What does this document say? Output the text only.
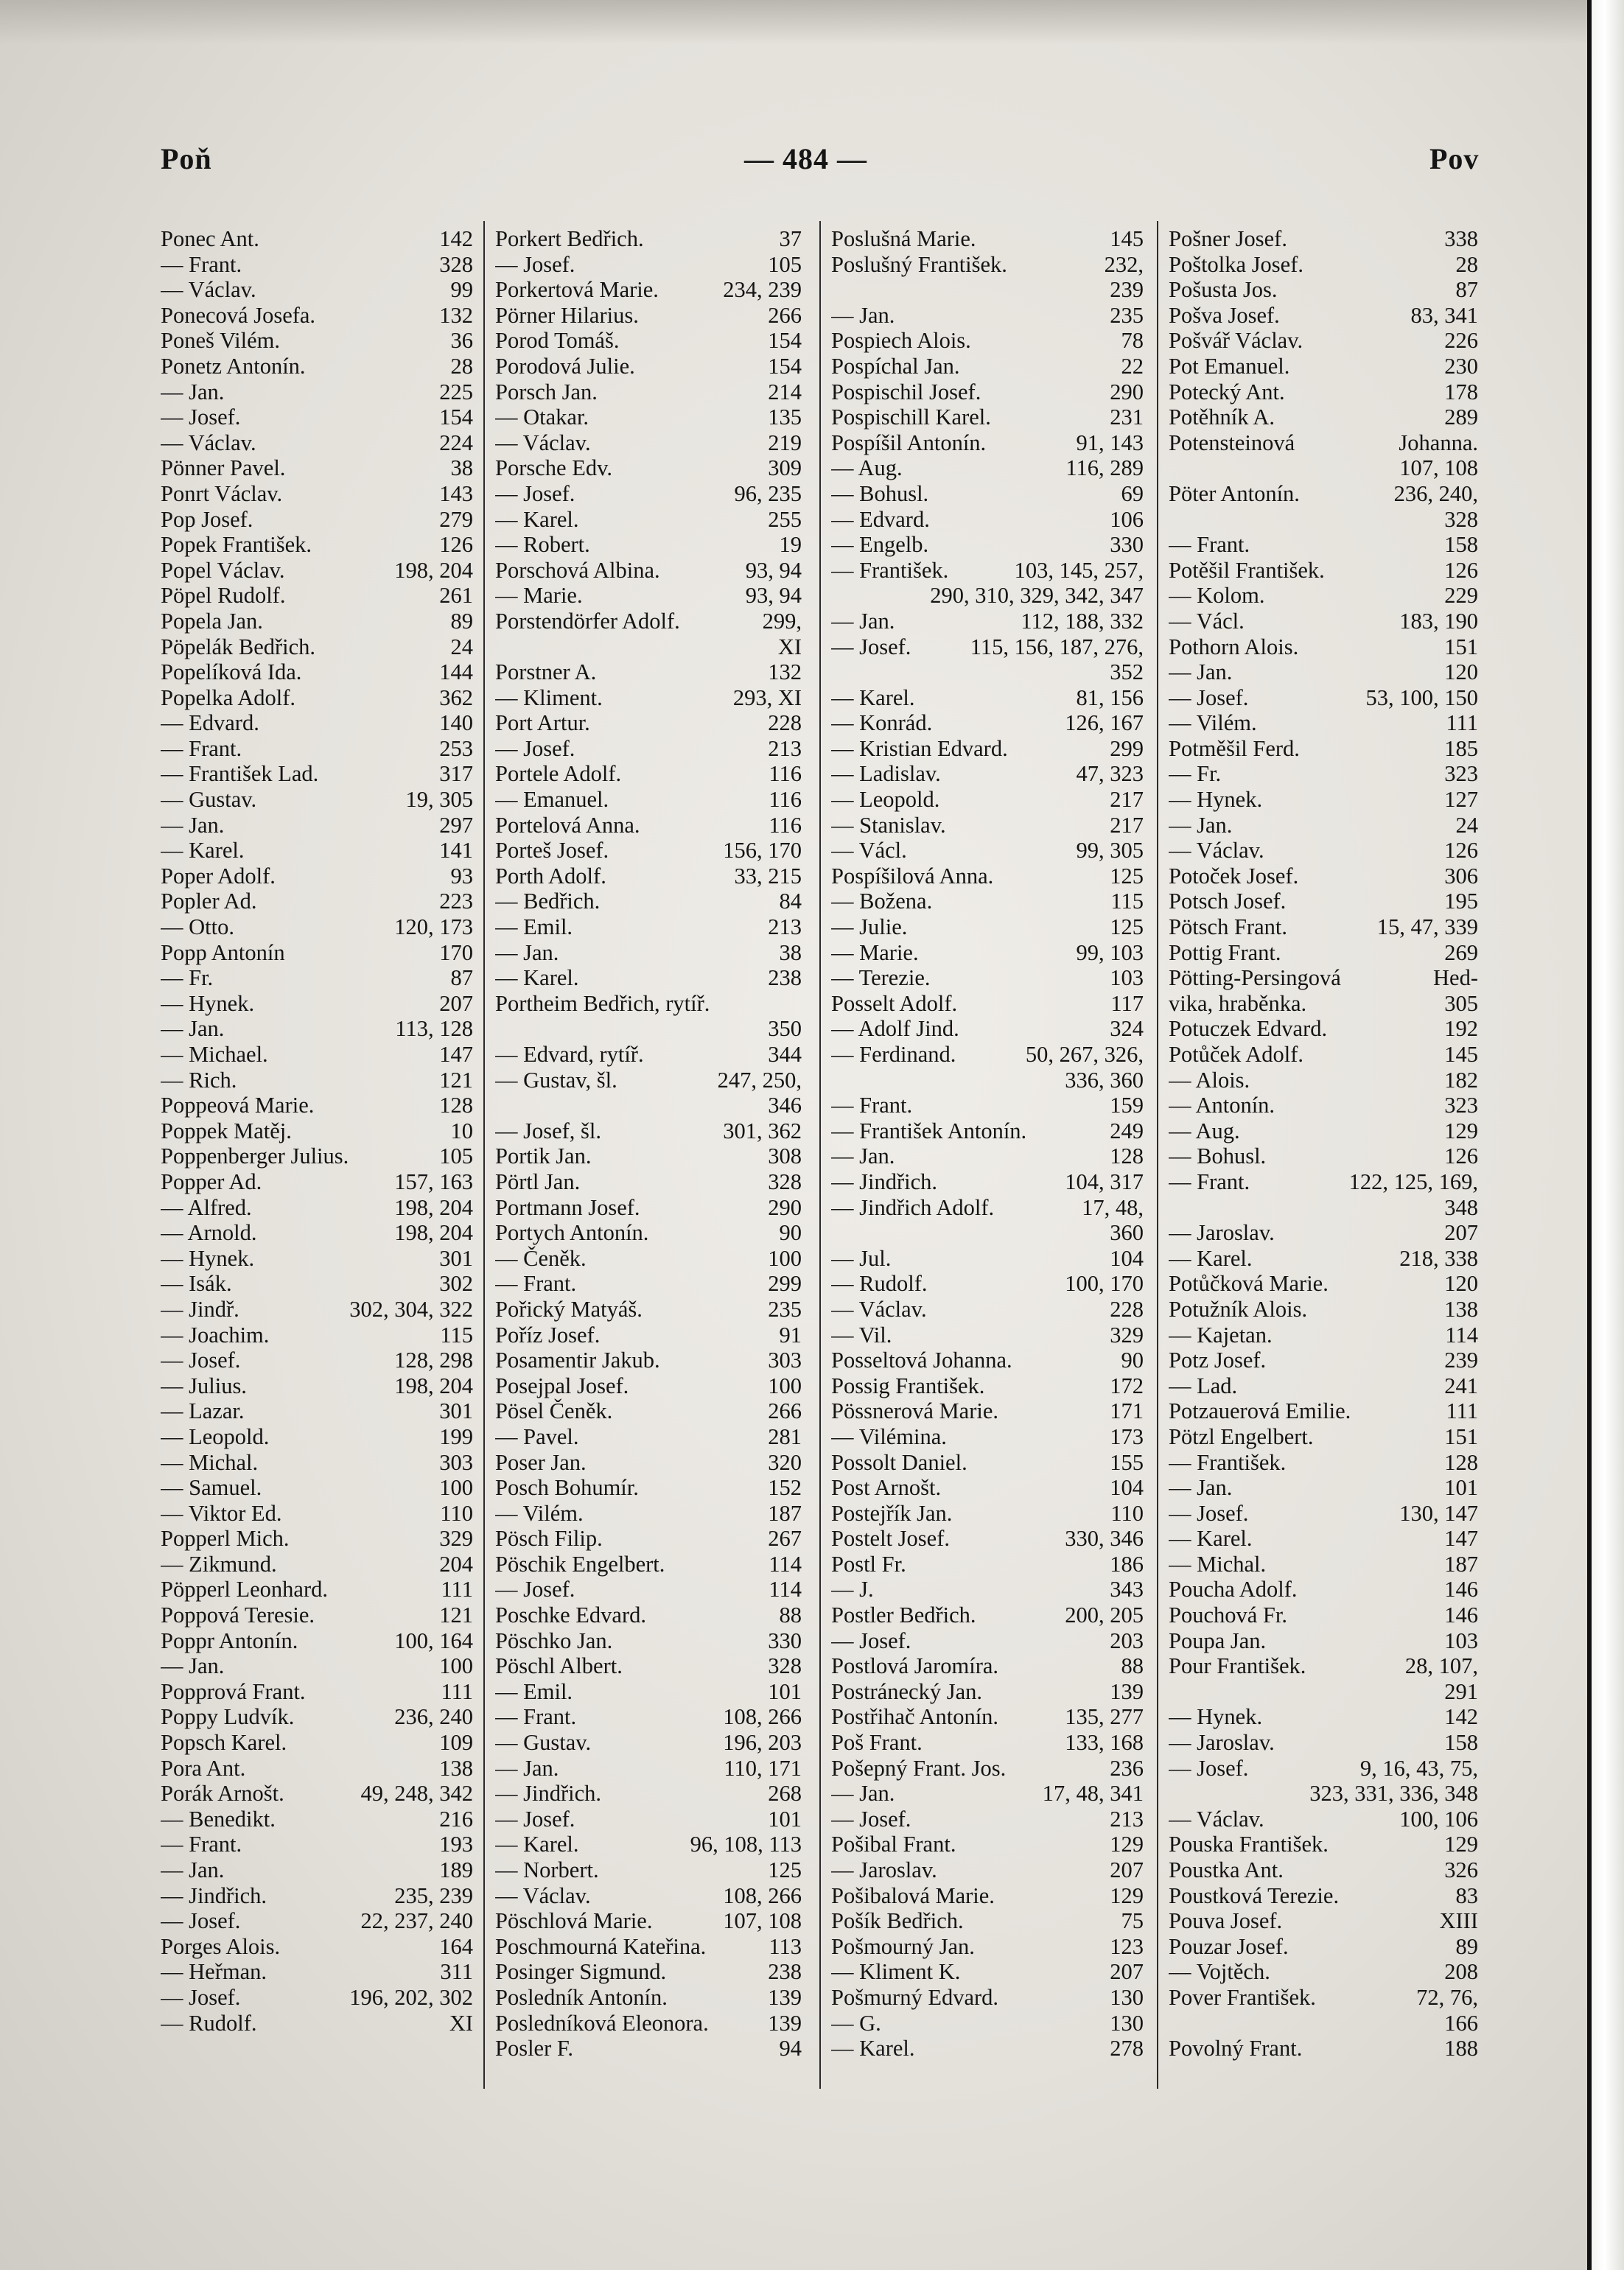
Poň	— 484 —	Pov
Ponec Ant.	142
— Frant.	328
— Václav.	99
Ponecová Josefa.	132
Poneš Vilém.	36
Ponetz Antonín.	28
— Jan.	225
— Josef.	154
— Václav.	224
Pönner Pavel.	38
Ponrt Václav.	143
Pop Josef.	279
Popek František.	126
Popel Václav.	198, 204
Pöpel Rudolf.	261
Popela Jan.	89
Pöpelák Bedřich.	24
Popelíková Ida.	144
Popelka Adolf.	362
— Edvard.	140
— Frant.	253
— František Lad.	317
— Gustav.	19, 305
— Jan.	297
— Karel.	141
Poper Adolf.	93
Popler Ad.	223
— Otto.	120, 173
Popp Antonín	170
— Fr.	87
— Hynek.	207
— Jan.	113, 128
— Michael.	147
— Rich.	121
Poppeová Marie.	128
Poppek Matěj.	10
Poppenberger Julius.	105
Popper Ad.	157, 163
— Alfred.	198, 204
— Arnold.	198, 204
— Hynek.	301
— Isák.	302
— Jindř.	302, 304, 322
— Joachim.	115
— Josef.	128, 298
— Julius.	198, 204
— Lazar.	301
— Leopold.	199
— Michal.	303
— Samuel.	100
— Viktor Ed.	110
Popperl Mich.	329
— Zikmund.	204
Pöpperl Leonhard.	111
Poppová Teresie.	121
Poppr Antonín.	100, 164
— Jan.	100
Popprová Frant.	111
Poppy Ludvík.	236, 240
Popsch Karel.	109
Pora Ant.	138
Porák Arnošt.	49, 248, 342
— Benedikt.	216
— Frant.	193
— Jan.	189
— Jindřich.	235, 239
— Josef.	22, 237, 240
Porges Alois.	164
— Heřman.	311
— Josef.	196, 202, 302
— Rudolf.	XI
Porkert Bedřich.	37
— Josef.	105
Porkertová Marie.	234, 239
Pörner Hilarius.	266
Porod Tomáš.	154
Porodová Julie.	154
Porsch Jan.	214
— Otakar.	135
— Václav.	219
Porsche Edv.	309
— Josef.	96, 235
— Karel.	255
— Robert.	19
Porschová Albina.	93, 94
— Marie.	93, 94
Porstendörfer Adolf.	299,
XI
Porstner A.	132
— Kliment.	293, XI
Port Artur.	228
— Josef.	213
Portele Adolf.	116
— Emanuel.	116
Portelová Anna.	116
Porteš Josef.	156, 170
Porth Adolf.	33, 215
— Bedřich.	84
— Emil.	213
— Jan.	38
— Karel.	238
Portheim Bedřich, rytíř.
350
— Edvard, rytíř.	344
— Gustav, šl.	247, 250,
346
— Josef, šl.	301, 362
Portik Jan.	308
Pörtl Jan.	328
Portmann Josef.	290
Portych Antonín.	90
— Čeněk.	100
— Frant.	299
Pořický Matyáš.	235
Poříz Josef.	91
Posamentir Jakub.	303
Posejpal Josef.	100
Pösel Čeněk.	266
— Pavel.	281
Poser Jan.	320
Posch Bohumír.	152
— Vilém.	187
Pösch Filip.	267
Pöschik Engelbert.	114
— Josef.	114
Poschke Edvard.	88
Pöschko Jan.	330
Pöschl Albert.	328
— Emil.	101
— Frant.	108, 266
— Gustav.	196, 203
— Jan.	110, 171
— Jindřich.	268
— Josef.	101
— Karel.	96, 108, 113
— Norbert.	125
— Václav.	108, 266
Pöschlová Marie.	107, 108
Poschmourná Kateřina.	113
Posinger Sigmund.	238
Posledník Antonín.	139
Posledníková Eleonora.	139
Posler F.	94
Poslušná Marie.	145
Poslušný František.	232,
239
— Jan.	235
Pospiech Alois.	78
Pospíchal Jan.	22
Pospischil Josef.	290
Pospischill Karel.	231
Pospíšil Antonín.	91, 143
— Aug.	116, 289
— Bohusl.	69
— Edvard.	106
— Engelb.	330
— František.	103, 145, 257,
290, 310, 329, 342, 347
— Jan.	112, 188, 332
— Josef.	115, 156, 187, 276,
352
— Karel.	81, 156
— Konrád.	126, 167
— Kristian Edvard.	299
— Ladislav.	47, 323
— Leopold.	217
— Stanislav.	217
— Václ.	99, 305
Pospíšilová Anna.	125
— Božena.	115
— Julie.	125
— Marie.	99, 103
— Terezie.	103
Posselt Adolf.	117
— Adolf Jind.	324
— Ferdinand.	50, 267, 326,
336, 360
— Frant.	159
— František Antonín.	249
— Jan.	128
— Jindřich.	104, 317
— Jindřich Adolf.	17, 48,
360
— Jul.	104
— Rudolf.	100, 170
— Václav.	228
— Vil.	329
Posseltová Johanna.	90
Possig František.	172
Pössnerová Marie.	171
— Vilémina.	173
Possolt Daniel.	155
Post Arnošt.	104
Postejřík Jan.	110
Postelt Josef.	330, 346
Postl Fr.	186
— J.	343
Postler Bedřich.	200, 205
— Josef.	203
Postlová Jaromíra.	88
Postránecký Jan.	139
Postřihač Antonín.	135, 277
Poš Frant.	133, 168
Pošepný Frant. Jos.	236
— Jan.	17, 48, 341
— Josef.	213
Pošibal Frant.	129
— Jaroslav.	207
Pošibalová Marie.	129
Pošík Bedřich.	75
Pošmourný Jan.	123
— Kliment K.	207
Pošmurný Edvard.	130
— G.	130
— Karel.	278
Pošner Josef.	338
Poštolka Josef.	28
Pošusta Jos.	87
Pošva Josef.	83, 341
Pošvář Václav.	226
Pot Emanuel.	230
Potecký Ant.	178
Potěhník A.	289
Potensteinová	Johanna.
107, 108
Pöter Antonín.	236, 240,
328
— Frant.	158
Potěšil František.	126
— Kolom.	229
— Václ.	183, 190
Pothorn Alois.	151
— Jan.	120
— Josef.	53, 100, 150
— Vilém.	111
Potměšil Ferd.	185
— Fr.	323
— Hynek.	127
— Jan.	24
— Václav.	126
Potoček Josef.	306
Potsch Josef.	195
Pötsch Frant.	15, 47, 339
Pottig Frant.	269
Pötting-Persingová	Hed-
vika, hraběnka.	305
Potuczek Edvard.	192
Potůček Adolf.	145
— Alois.	182
— Antonín.	323
— Aug.	129
— Bohusl.	126
— Frant.	122, 125, 169,
348
— Jaroslav.	207
— Karel.	218, 338
Potůčková Marie.	120
Potužník Alois.	138
— Kajetan.	114
Potz Josef.	239
— Lad.	241
Potzauerová Emilie.	111
Pötzl Engelbert.	151
— František.	128
— Jan.	101
— Josef.	130, 147
— Karel.	147
— Michal.	187
Poucha Adolf.	146
Pouchová Fr.	146
Poupa Jan.	103
Pour František.	28, 107,
291
— Hynek.	142
— Jaroslav.	158
— Josef.	9, 16, 43, 75,
323, 331, 336, 348
— Václav.	100, 106
Pouska František.	129
Poustka Ant.	326
Poustková Terezie.	83
Pouva Josef.	XIII
Pouzar Josef.	89
— Vojtěch.	208
Pover František.	72, 76,
166
Povolný Frant.	188
